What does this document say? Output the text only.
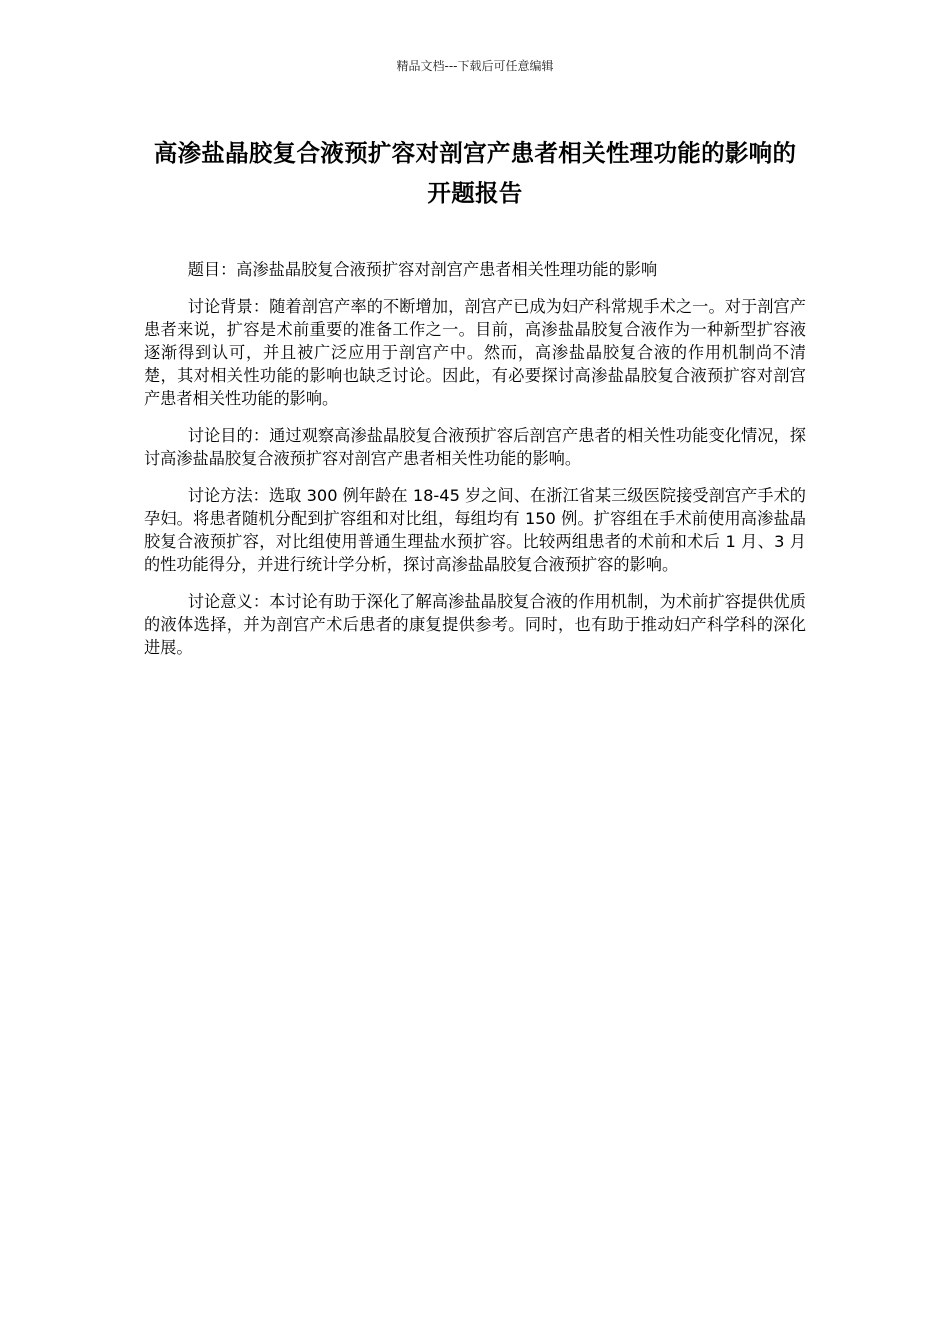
精品文档---下载后可任意编辑
高渗盐晶胶复合液预扩容对剖宫产患者相关性理功能的影响的开题报告

题目：高渗盐晶胶复合液预扩容对剖宫产患者相关性理功能的影响

讨论背景：随着剖宫产率的不断增加，剖宫产已成为妇产科常规手术之一。对于剖宫产患者来说，扩容是术前重要的准备工作之一。目前，高渗盐晶胶复合液作为一种新型扩容液逐渐得到认可，并且被广泛应用于剖宫产中。然而，高渗盐晶胶复合液的作用机制尚不清楚，其对相关性功能的影响也缺乏讨论。因此，有必要探讨高渗盐晶胶复合液预扩容对剖宫产患者相关性功能的影响。

讨论目的：通过观察高渗盐晶胶复合液预扩容后剖宫产患者的相关性功能变化情况，探讨高渗盐晶胶复合液预扩容对剖宫产患者相关性功能的影响。

讨论方法：选取 300 例年龄在 18-45 岁之间、在浙江省某三级医院接受剖宫产手术的孕妇。将患者随机分配到扩容组和对比组，每组均有 150 例。扩容组在手术前使用高渗盐晶胶复合液预扩容，对比组使用普通生理盐水预扩容。比较两组患者的术前和术后 1 月、3 月的性功能得分，并进行统计学分析，探讨高渗盐晶胶复合液预扩容的影响。

讨论意义：本讨论有助于深化了解高渗盐晶胶复合液的作用机制，为术前扩容提供优质的液体选择，并为剖宫产术后患者的康复提供参考。同时，也有助于推动妇产科学科的深化进展。
